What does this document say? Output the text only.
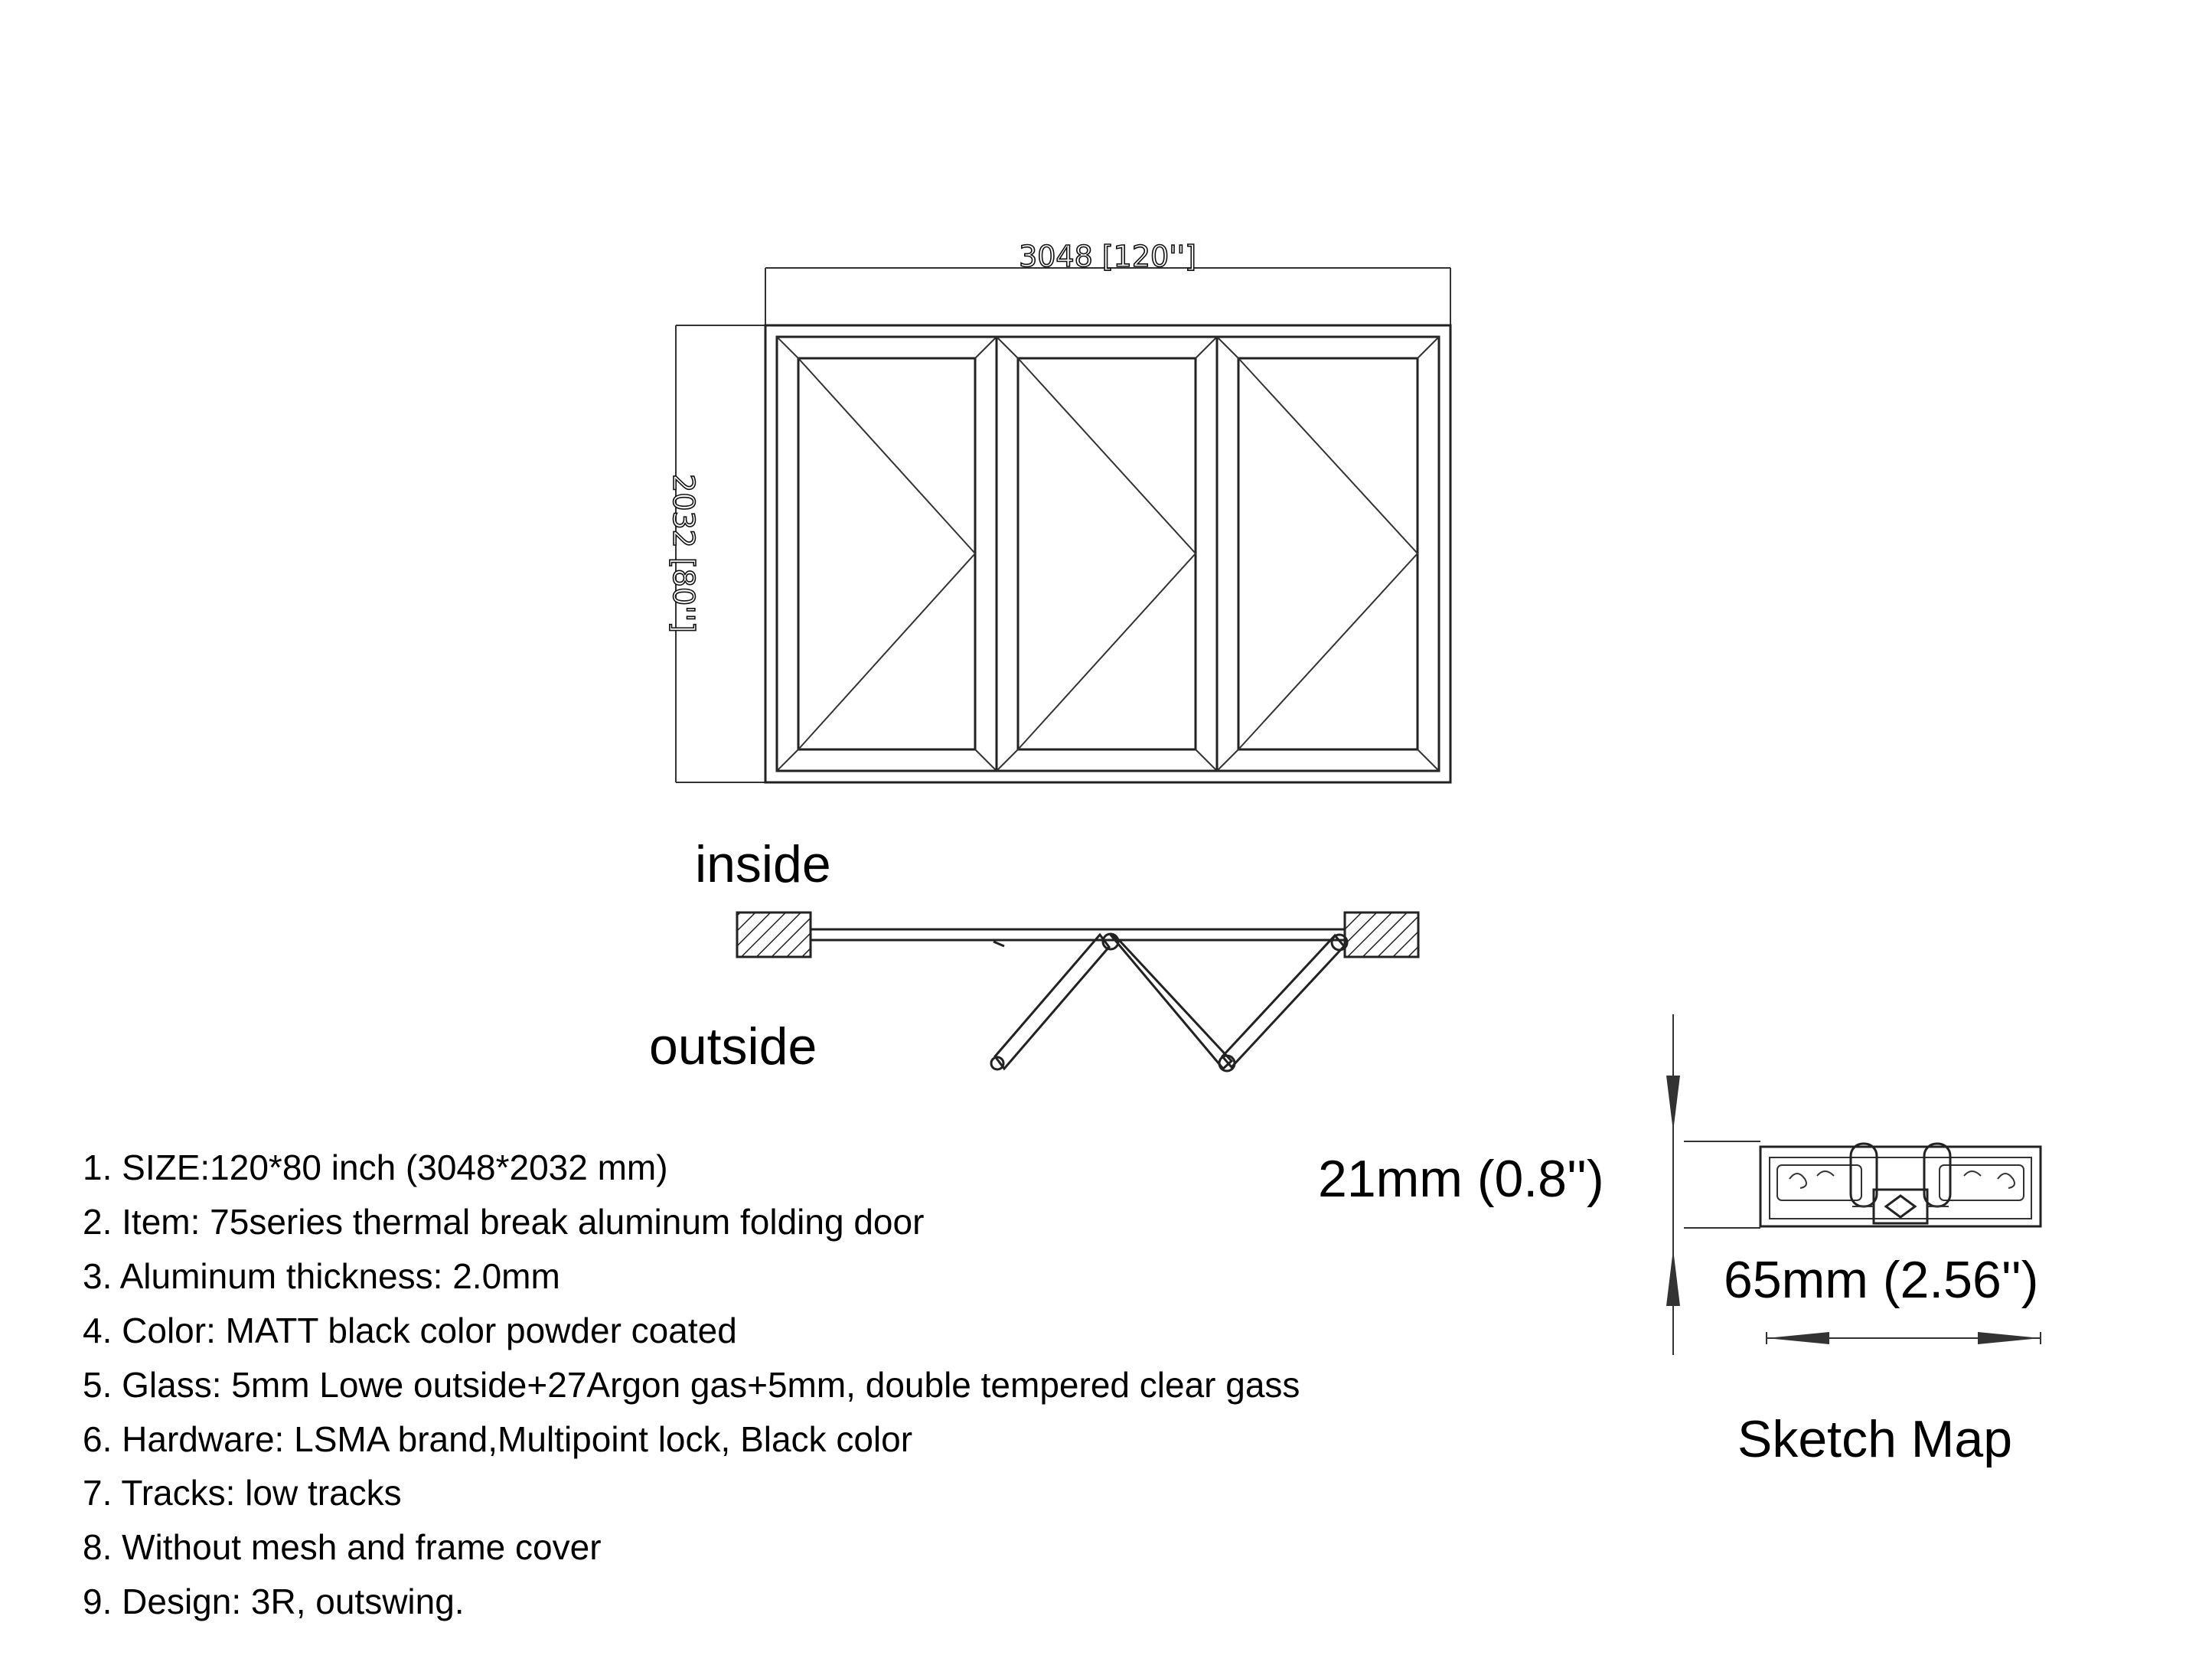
3048 [120'']
2032 [80'']
inside
outside
1. SIZE:120*80 inch (3048*2032 mm)
2. Item: 75series thermal break aluminum folding door
3. Aluminum thickness: 2.0mm
4. Color: MATT black color powder coated
5. Glass: 5mm Lowe outside+27Argon gas+5mm, double tempered clear gass
6. Hardware: LSMA brand,Multipoint lock, Black color
7. Tracks: low tracks
8. Without mesh and frame cover
9. Design: 3R, outswing.
21mm (0.8'')
65mm (2.56'')
Sketch Map
